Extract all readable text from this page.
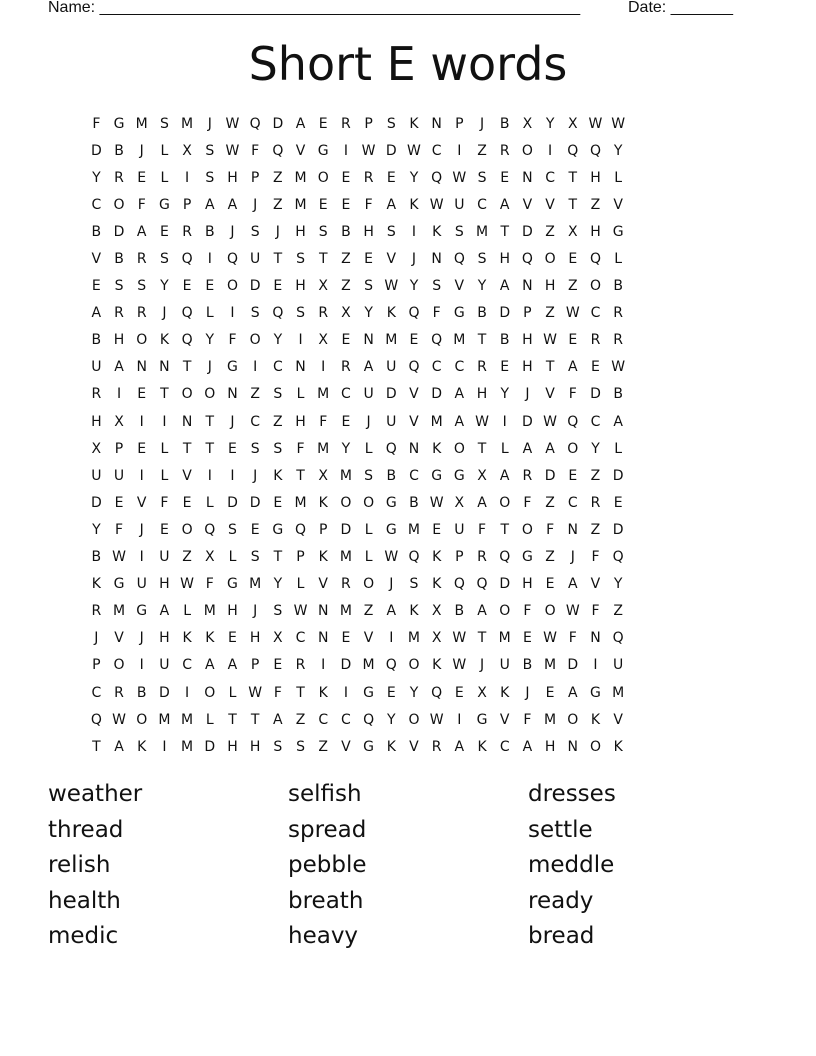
Name: ______________________________________________________	Date: _______
Short E words
F	G	M	S	M	J	W	Q	D	A	E	R	P	S	K	N	P	J	B	X	Y	X	W	W
D	B	J	L	X	S	W	F	Q	V	G	I	W	D	W	C	I	Z	R	O	I	Q	Q	Y
Y	R	E	L	I	S	H	P	Z	M	O	E	R	E	Y	Q	W	S	E	N	C	T	H	L
C	O	F	G	P	A	A	J	Z	M	E	E	F	A	K	W	U	C	A	V	V	T	Z	V
B	D	A	E	R	B	J	S	J	H	S	B	H	S	I	K	S	M	T	D	Z	X	H	G
V	B	R	S	Q	I	Q	U	T	S	T	Z	E	V	J	N	Q	S	H	Q	O	E	Q	L
E	S	S	Y	E	E	O	D	E	H	X	Z	S	W	Y	S	V	Y	A	N	H	Z	O	B
A	R	R	J	Q	L	I	S	Q	S	R	X	Y	K	Q	F	G	B	D	P	Z	W	C	R
B	H	O	K	Q	Y	F	O	Y	I	X	E	N	M	E	Q	M	T	B	H	W	E	R	R
U	A	N	N	T	J	G	I	C	N	I	R	A	U	Q	C	C	R	E	H	T	A	E	W
R	I	E	T	O	O	N	Z	S	L	M	C	U	D	V	D	A	H	Y	J	V	F	D	B
H	X	I	I	N	T	J	C	Z	H	F	E	J	U	V	M	A	W	I	D	W	Q	C	A
X	P	E	L	T	T	E	S	S	F	M	Y	L	Q	N	K	O	T	L	A	A	O	Y	L
U	U	I	L	V	I	I	J	K	T	X	M	S	B	C	G	G	X	A	R	D	E	Z	D
D	E	V	F	E	L	D	D	E	M	K	O	O	G	B	W	X	A	O	F	Z	C	R	E
Y	F	J	E	O	Q	S	E	G	Q	P	D	L	G	M	E	U	F	T	O	F	N	Z	D
B	W	I	U	Z	X	L	S	T	P	K	M	L	W	Q	K	P	R	Q	G	Z	J	F	Q
K	G	U	H	W	F	G	M	Y	L	V	R	O	J	S	K	Q	Q	D	H	E	A	V	Y
R	M	G	A	L	M	H	J	S	W	N	M	Z	A	K	X	B	A	O	F	O	W	F	Z
J	V	J	H	K	K	E	H	X	C	N	E	V	I	M	X	W	T	M	E	W	F	N	Q
P	O	I	U	C	A	A	P	E	R	I	D	M	Q	O	K	W	J	U	B	M	D	I	U
C	R	B	D	I	O	L	W	F	T	K	I	G	E	Y	Q	E	X	K	J	E	A	G	M
Q	W	O	M	M	L	T	T	A	Z	C	C	Q	Y	O	W	I	G	V	F	M	O	K	V
T	A	K	I	M	D	H	H	S	S	Z	V	G	K	V	R	A	K	C	A	H	N	O	K
weather
thread
relish
health
medic
selfish
spread
pebble
breath
heavy
dresses
settle
meddle
ready
bread
